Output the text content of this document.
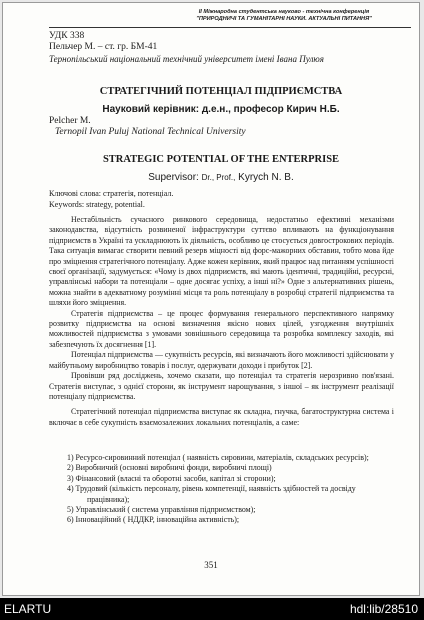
II Міжнародна студентська науково - технічна конференція
"ПРИРОДНИЧІ ТА ГУМАНІТАРНІ НАУКИ. АКТУАЛЬНІ ПИТАННЯ"
УДК 338
Пельчер М. – ст. гр. БМ-41
Тернопільський національний технічний університет імені Івана Пулюя
СТРАТЕГІЧНИЙ ПОТЕНЦІАЛ ПІДПРИЄМСТВА
Науковий керівник: д.е.н., професор Кирич Н.Б.
Pelcher M.
Ternopil Ivan Puluj National Technical University
STRATEGIC POTENTIAL OF THE ENTERPRISE
Supervisor: Dr., Prof., Kyrych N. B.
Ключові слова: стратегія, потенціал.
Keywords: strategy, potential.

Нестабільність сучасного ринкового середовища, недостатньо ефективні механізми законодавства, відсутність розвиненої інфраструктури суттєво впливають на функціонування підприємств в Україні та ускладнюють їх діяльність, особливо це стосується довгострокових періодів. Така ситуація вимагає створити певний резерв міцності від форс-мажорних обставин, тобто мова йде про зміцнення стратегічного потенціалу. Адже кожен керівник, який працює над питанням успішності своєї організації, задумується: «Чому із двох підприємств, які мають ідентичні, традиційні, ресурсні, управлінські набори та потенціали – одне досягає успіху, а інші ні?» Одне з альтернативних рішень, можна знайти в адекватному розумінні місця та роль потенціалу в розробці стратегії підприємства та шляхи його зміцнення.

Стратегія підприємства – це процес формування генерального перспективного напрямку розвитку підприємства на основі визначення якісно нових цілей, узгодження внутрішніх можливостей підприємства з умовами зовнішнього середовища та розробка комплексу заходів, які забезпечують їх досягнення [1].

Потенціал підприємства — сукупність ресурсів, які визначають його можливості здійснювати у майбутньому виробництво товарів і послуг, одержувати доходи і прибуток [2].

Провівши ряд досліджень, хочемо сказати, що потенціал та стратегія нерозривно пов'язані. Стратегія виступає, з однієї сторони, як інструмент нарощування, з іншої – як інструмент реалізації потенціалу підприємства.

Стратегічний потенціал підприємства виступає як складна, гнучка, багатоструктурна система і включає в себе сукупність взаємозалежних локальних потенціалів, а саме:

1) Ресурсо-сировинний потенціал ( наявність сировини, матеріалів, складських ресурсів);
2) Виробничий (основні виробничі фонди, виробничі площі)
3) Фінансовий (власні та оборотні засоби, капітал зі сторони);
4) Трудовий (кількість персоналу, рівень компетенції, наявність здібностей та досвіду працівника);
5) Управлінський ( система управління підприємством);
6) Інноваційний ( НДДКР, інноваційна активність);
351
ELARTU	hdl:lib/28510
